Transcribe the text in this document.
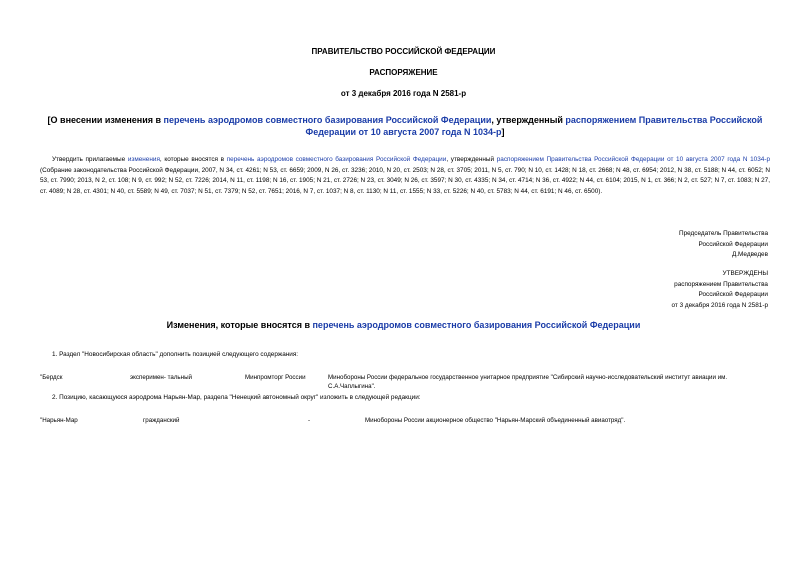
ПРАВИТЕЛЬСТВО РОССИЙСКОЙ ФЕДЕРАЦИИ
РАСПОРЯЖЕНИЕ
от 3 декабря 2016 года N 2581-р
[О внесении изменения в перечень аэродромов совместного базирования Российской Федерации, утвержденный распоряжением Правительства Российской Федерации от 10 августа 2007 года N 1034-р]
Утвердить прилагаемые изменения, которые вносятся в перечень аэродромов совместного базирования Российской Федерации, утвержденный распоряжением Правительства Российской Федерации от 10 августа 2007 года N 1034-р (Собрание законодательства Российской Федерации, 2007, N 34, ст. 4261; N 53, ст. 6659; 2009, N 26, ст. 3236; 2010, N 20, ст. 2503; N 28, ст. 3705; 2011, N 5, ст. 790; N 10, ст. 1428; N 18, ст. 2668; N 48, ст. 6954; 2012, N 38, ст. 5188; N 44, ст. 6052; N 53, ст. 7990; 2013, N 2, ст. 108; N 9, ст. 992; N 52, ст. 7226; 2014, N 11, ст. 1198; N 16, ст. 1905; N 21, ст. 2726; N 23, ст. 3049; N 26, ст. 3597; N 30, ст. 4335; N 34, ст. 4714; N 36, ст. 4922; N 44, ст. 6104; 2015, N 1, ст. 366; N 2, ст. 527; N 7, ст. 1083; N 27, ст. 4089; N 28, ст. 4301; N 40, ст. 5589; N 49, ст. 7037; N 51, ст. 7379; N 52, ст. 7651; 2016, N 7, ст. 1037; N 8, ст. 1130; N 11, ст. 1555; N 33, ст. 5226; N 40, ст. 5783; N 44, ст. 6191; N 46, ст. 6500).
Председатель Правительства
Российской Федерации
Д.Медведев
УТВЕРЖДЕНЫ
распоряжением Правительства
Российской Федерации
от 3 декабря 2016 года N 2581-р
Изменения, которые вносятся в перечень аэродромов совместного базирования Российской Федерации
1. Раздел "Новосибирская область" дополнить позицией следующего содержания:
"Бердск	эксперимен- тальный	Минпромторг России	Минобороны России федеральное государственное унитарное предприятие "Сибирский научно-исследовательский институт авиации им. С.А.Чаплыгина".
2. Позицию, касающуюся аэродрома Нарьян-Мар, раздела "Ненецкий автономный округ" изложить в следующей редакции:
"Нарьян-Мар	гражданский	-	Минобороны России акционерное общество "Нарьян-Марский объединенный авиаотряд".
